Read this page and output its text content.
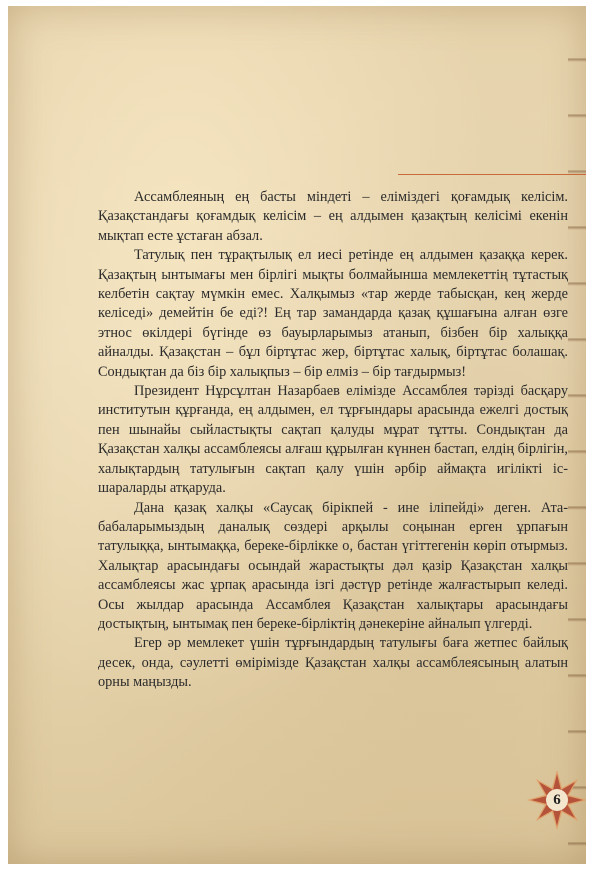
Ассамблеяның ең басты міндеті – еліміздегі қоғамдық келісім. Қазақстандағы қоғамдық келісім – ең алдымен қазақтың келісімі екенін мықтап есте ұстаған абзал.

Татулық пен тұрақтылық ел иесі ретінде ең алдымен қазаққа керек. Қазақтың ынтымағы мен бірлігі мықты болмайынша мемлекеттің тұтастық келбетін сақтау мүмкін емес. Халқымыз «тар жерде табысқан, кең жерде келіседі» демейтін бе еді?! Ең тар замандарда қазақ құшағына алған өзге этнос өкілдері бүгінде өз бауырларымыз атанып, бізбен бір халыққа айналды. Қазақстан – бұл біртұтас жер, біртұтас халық, біртұтас болашақ. Сондықтан да біз бір халықпыз – бір елміз – бір тағдырмыз!

Президент Нұрсұлтан Назарбаев елімізде Ассамблея тәрізді басқару институтын құрғанда, ең алдымен, ел тұрғындары арасында ежелгі достық пен шынайы сыйластықты сақтап қалуды мұрат тұтты. Сондықтан да Қазақстан халқы ассамблеясы алғаш құрылған күннен бастап, елдің бірлігін, халықтардың татулығын сақтап қалу үшін әрбір аймақта игілікті іс-шараларды атқаруда.

Дана қазақ халқы «Саусақ бірікпей - ине іліпейді» деген. Ата-бабаларымыздың даналық сөздері арқылы соңынан ерген ұрпағын татулыққа, ынтымаққа, береке-бірлікке о, бастан үгіттегенін көріп отырмыз. Халықтар арасындағы осындай жарастықты дәл қазір Қазақстан халқы ассамблеясы жас ұрпақ арасында ізгі дәстүр ретінде жалғастырып келеді. Осы жылдар арасында Ассамблея Қазақстан халықтары арасындағы достықтың, ынтымақ пен береке-бірліктің дәнекеріне айналып үлгерді.

Егер әр мемлекет үшін тұрғындардың татулығы баға жетпес байлық десек, онда, сәулетті өмірімізде Қазақстан халқы ассамблеясының алатын орны маңызды.

6
